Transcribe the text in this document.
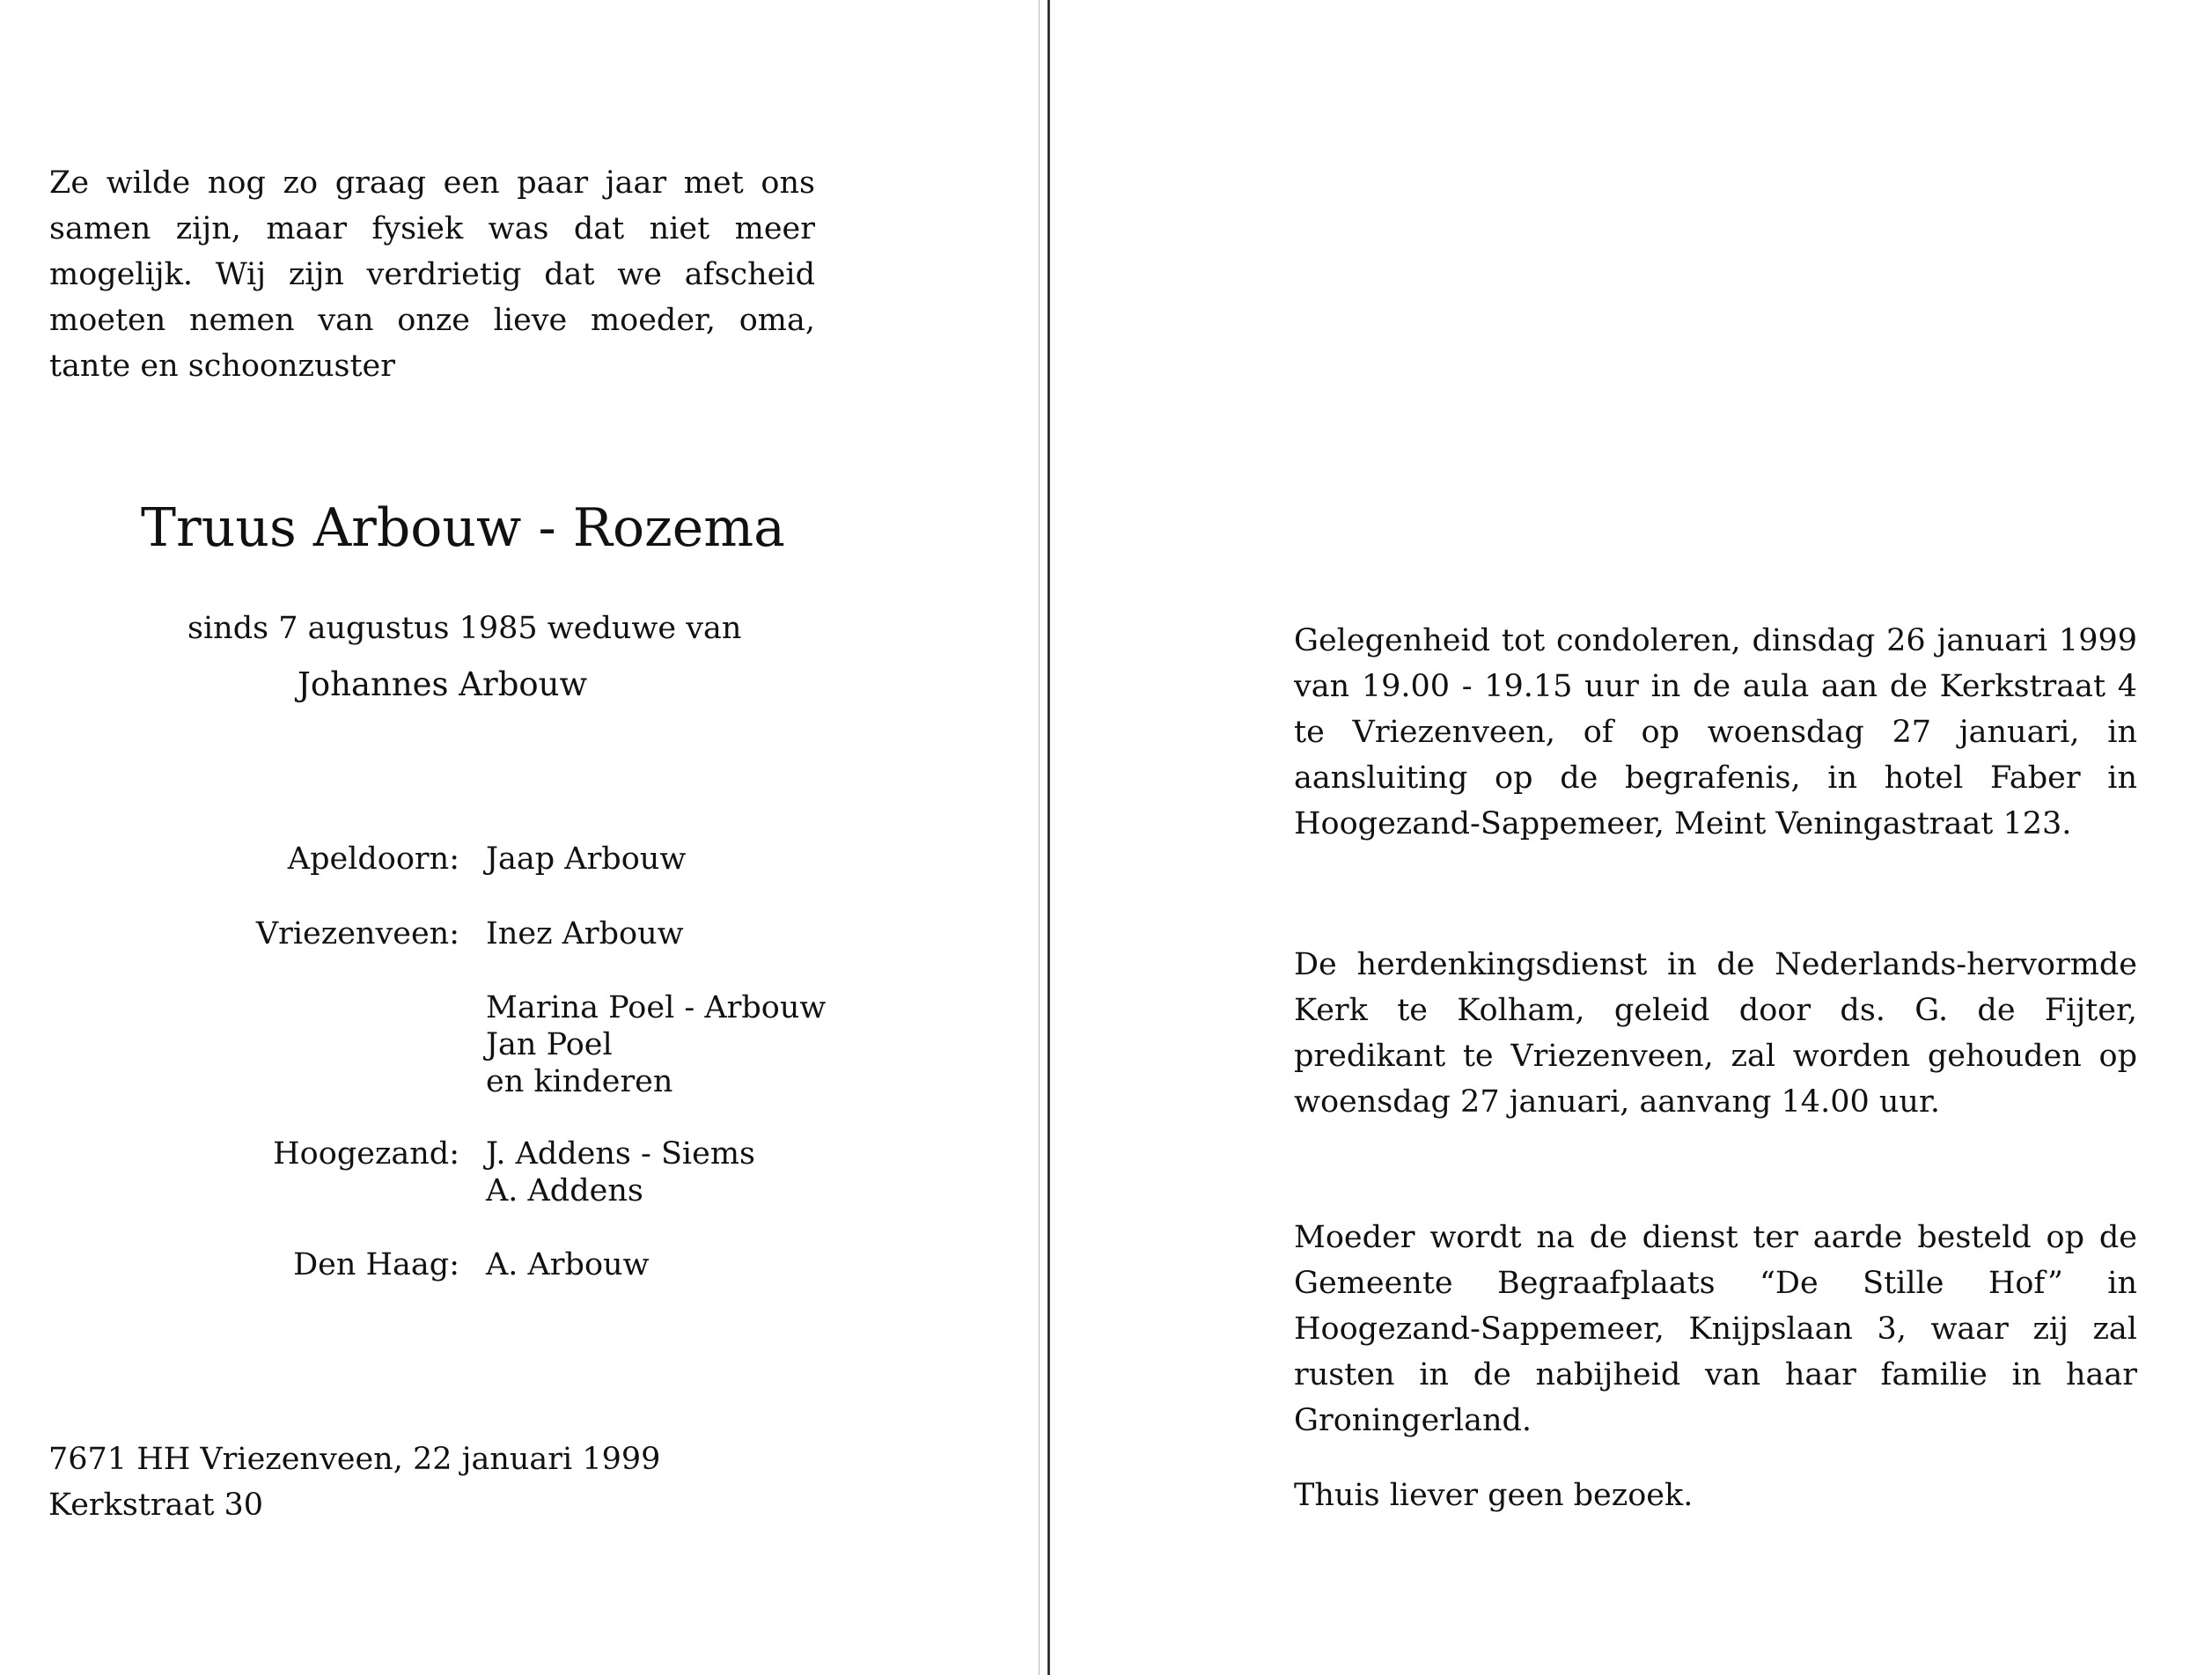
Ze wilde nog zo graag een paar jaar met ons samen zijn, maar fysiek was dat niet meer mogelijk. Wij zijn verdrietig dat we afscheid moeten nemen van onze lieve moeder, oma, tante en schoonzuster

Truus Arbouw - Rozema
sinds 7 augustus 1985 weduwe van
Johannes Arbouw
Apeldoorn: Jaap Arbouw
Vriezenveen: Inez Arbouw
Marina Poel - Arbouw
Jan Poel
en kinderen
Hoogezand: J. Addens - Siems
A. Addens
Den Haag: A. Arbouw
7671 HH Vriezenveen, 22 januari 1999
Kerkstraat 30

Gelegenheid tot condoleren, dinsdag 26 januari 1999 van 19.00 - 19.15 uur in de aula aan de Kerkstraat 4 te Vriezenveen, of op woensdag 27 januari, in aansluiting op de begrafenis, in hotel Faber in Hoogezand-Sappemeer, Meint Veningastraat 123.

De herdenkingsdienst in de Nederlands-hervormde Kerk te Kolham, geleid door ds. G. de Fijter, predikant te Vriezenveen, zal worden gehouden op woensdag 27 januari, aanvang 14.00 uur.

Moeder wordt na de dienst ter aarde besteld op de Gemeente Begraafplaats “De Stille Hof” in Hoogezand-Sappemeer, Knijpslaan 3, waar zij zal rusten in de nabijheid van haar familie in haar Groningerland.

Thuis liever geen bezoek.
